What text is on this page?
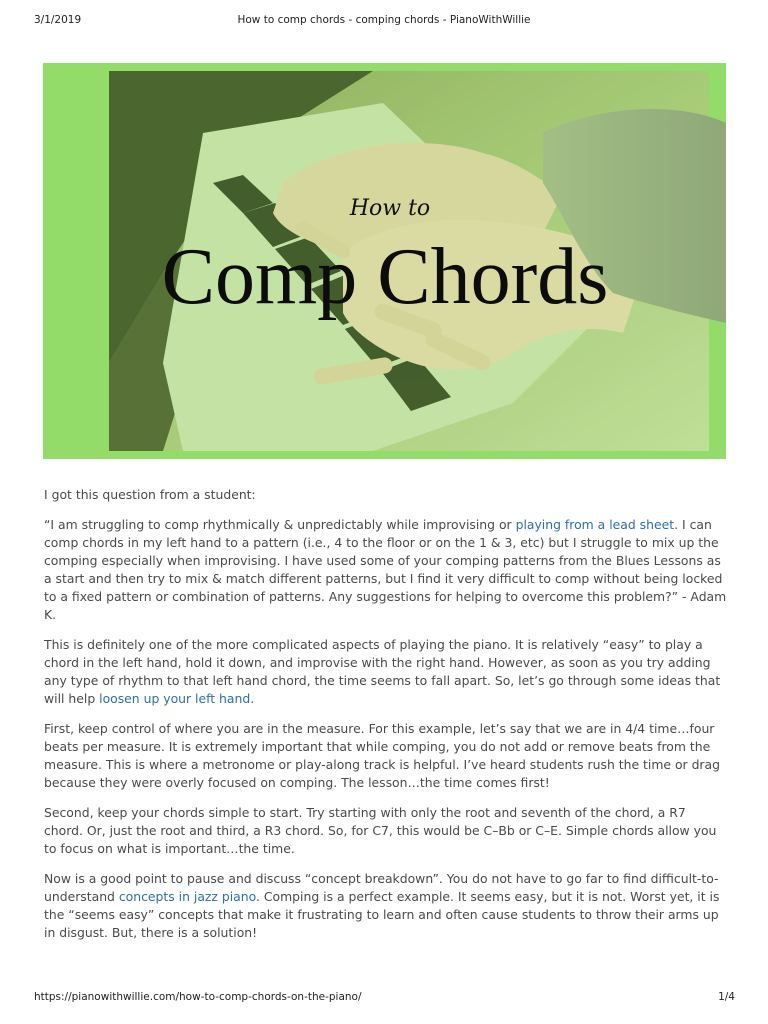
3/1/2019	How to comp chords - comping chords - PianoWithWillie
How to
Comp Chords

I got this question from a student:

“I am struggling to comp rhythmically & unpredictably while improvising or playing from a lead sheet. I can comp chords in my left hand to a pattern (i.e., 4 to the floor or on the 1 & 3, etc) but I struggle to mix up the comping especially when improvising. I have used some of your comping patterns from the Blues Lessons as a start and then try to mix & match different patterns, but I find it very difficult to comp without being locked to a fixed pattern or combination of patterns. Any suggestions for helping to overcome this problem?” - Adam K.

This is definitely one of the more complicated aspects of playing the piano. It is relatively “easy” to play a chord in the left hand, hold it down, and improvise with the right hand. However, as soon as you try adding any type of rhythm to that left hand chord, the time seems to fall apart. So, let’s go through some ideas that will help loosen up your left hand.

First, keep control of where you are in the measure. For this example, let’s say that we are in 4/4 time…four beats per measure. It is extremely important that while comping, you do not add or remove beats from the measure. This is where a metronome or play-along track is helpful. I’ve heard students rush the time or drag because they were overly focused on comping. The lesson…the time comes first!

Second, keep your chords simple to start. Try starting with only the root and seventh of the chord, a R7 chord. Or, just the root and third, a R3 chord. So, for C7, this would be C–Bb or C–E. Simple chords allow you to focus on what is important…the time.

Now is a good point to pause and discuss “concept breakdown”. You do not have to go far to find difficult-to-understand concepts in jazz piano. Comping is a perfect example. It seems easy, but it is not. Worst yet, it is the “seems easy” concepts that make it frustrating to learn and often cause students to throw their arms up in disgust. But, there is a solution!

https://pianowithwillie.com/how-to-comp-chords-on-the-piano/	1/4
